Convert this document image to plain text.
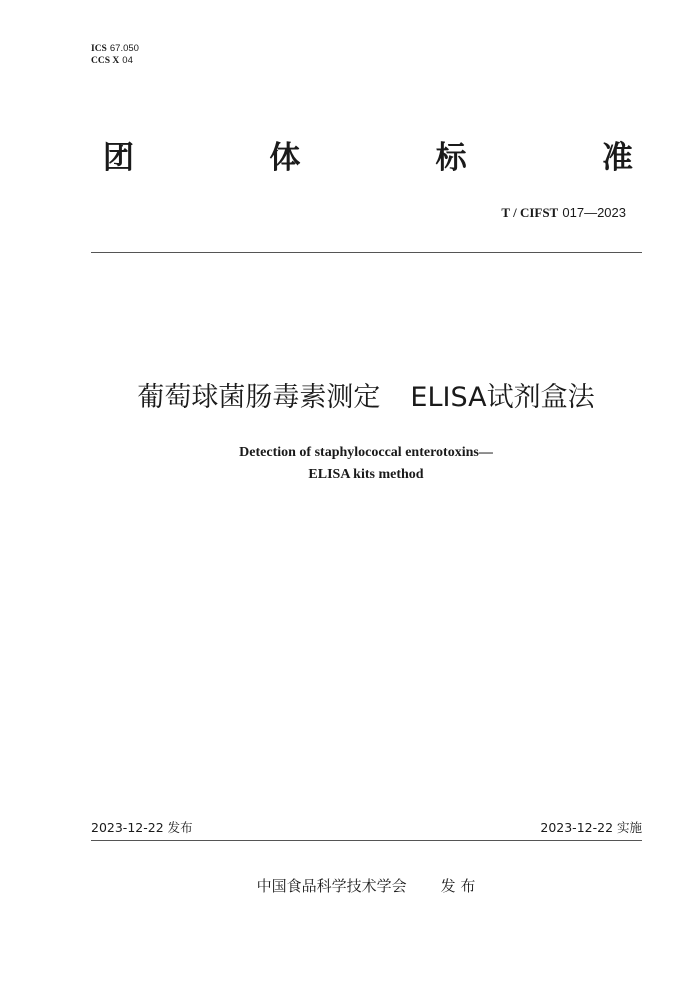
ICS 67.050
CCS X 04
团	体	标	准
T / CIFST 017—2023
葡萄球菌肠毒素测定 ELISA试剂盒法
Detection of staphylococcal enterotoxins—
ELISA kits method
2023-12-22 发布	2023-12-22 实施
中国食品科学技术学会 发 布
